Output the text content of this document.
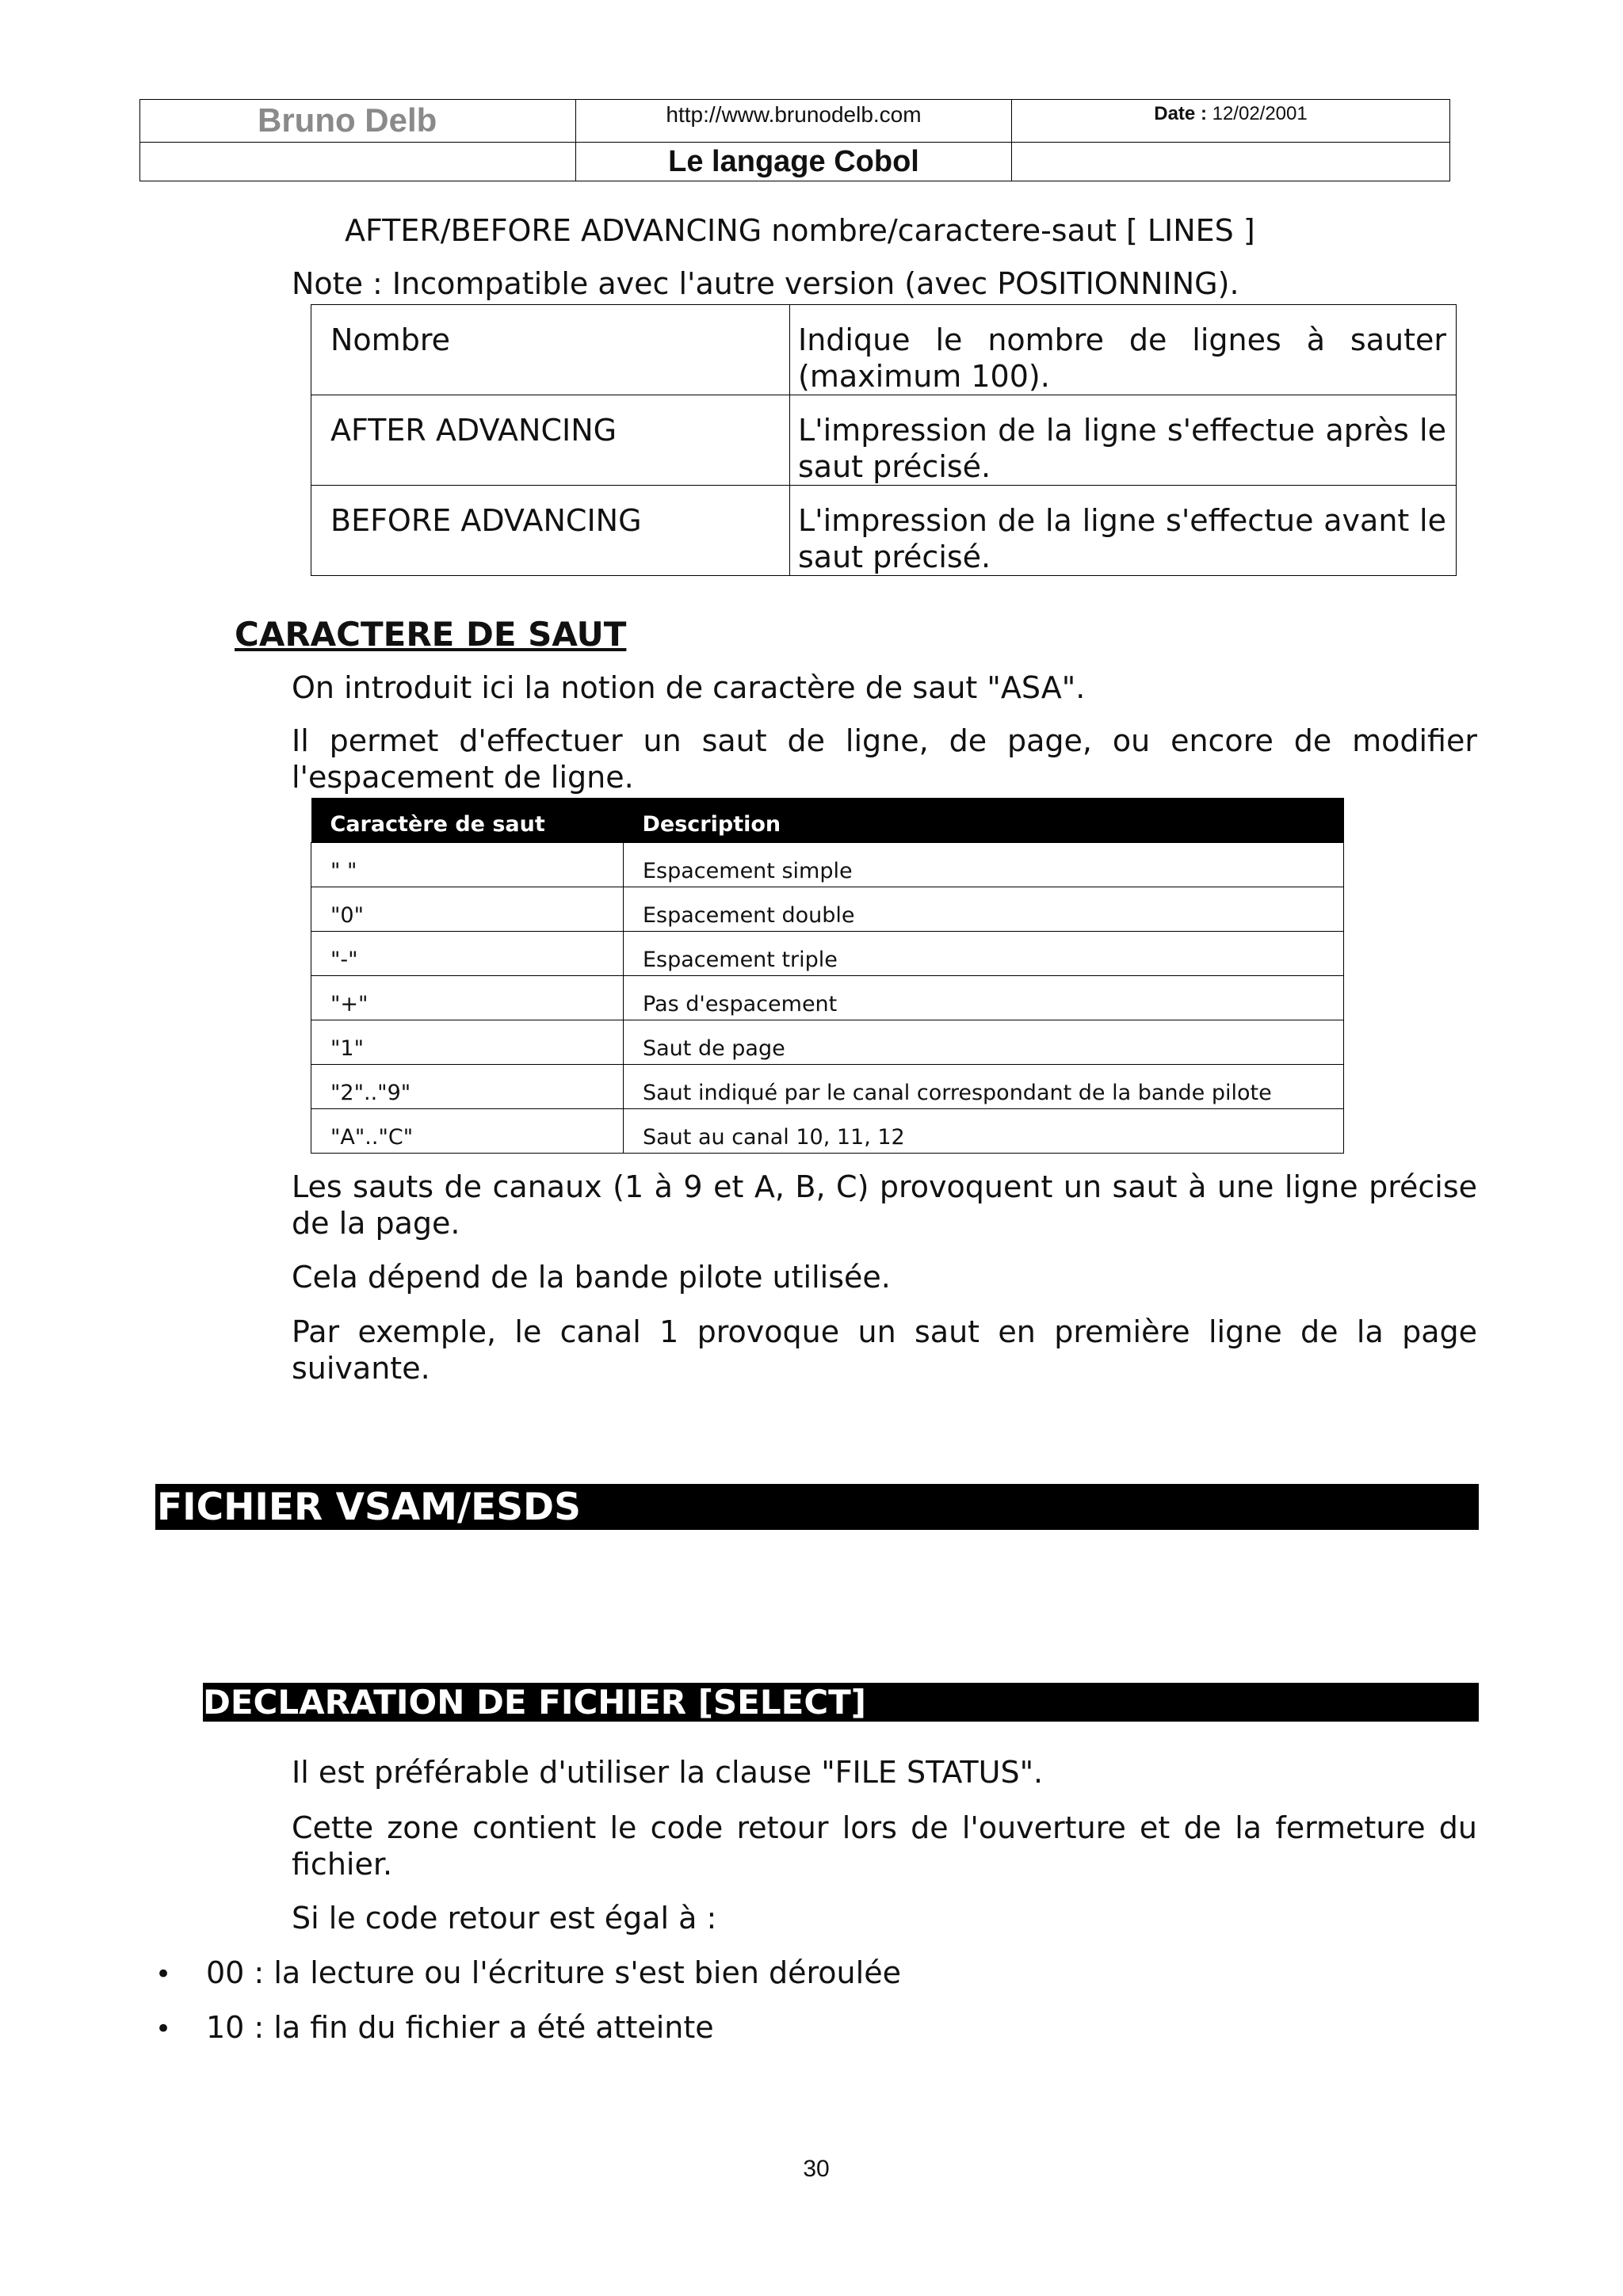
Bruno Delb	http://www.brunodelb.com	Date : 12/02/2001
Le langage Cobol

AFTER/BEFORE ADVANCING nombre/caractere-saut [ LINES ]

Note : Incompatible avec l'autre version (avec POSITIONNING).

Nombre	Indique le nombre de lignes à sauter (maximum 100).
AFTER ADVANCING	L'impression de la ligne s'effectue après le saut précisé.
BEFORE ADVANCING	L'impression de la ligne s'effectue avant le saut précisé.
CARACTERE DE SAUT

On introduit ici la notion de caractère de saut "ASA".

Il permet d'effectuer un saut de ligne, de page, ou encore de modifier l'espacement de ligne.

Caractère de saut	Description
" "	Espacement simple
"0"	Espacement double
"-"	Espacement triple
"+"	Pas d'espacement
"1"	Saut de page
"2".."9"	Saut indiqué par le canal correspondant de la bande pilote
"A".."C"	Saut au canal 10, 11, 12

Les sauts de canaux (1 à 9 et A, B, C) provoquent un saut à une ligne précise de la page.

Cela dépend de la bande pilote utilisée.

Par exemple, le canal 1 provoque un saut en première ligne de la page suivante.

FICHIER VSAM/ESDS
DECLARATION DE FICHIER [SELECT]

Il est préférable d'utiliser la clause "FILE STATUS".

Cette zone contient le code retour lors de l'ouverture et de la fermeture du fichier.

Si le code retour est égal à :

• 00 : la lecture ou l'écriture s'est bien déroulée

• 10 : la fin du fichier a été atteinte

30
